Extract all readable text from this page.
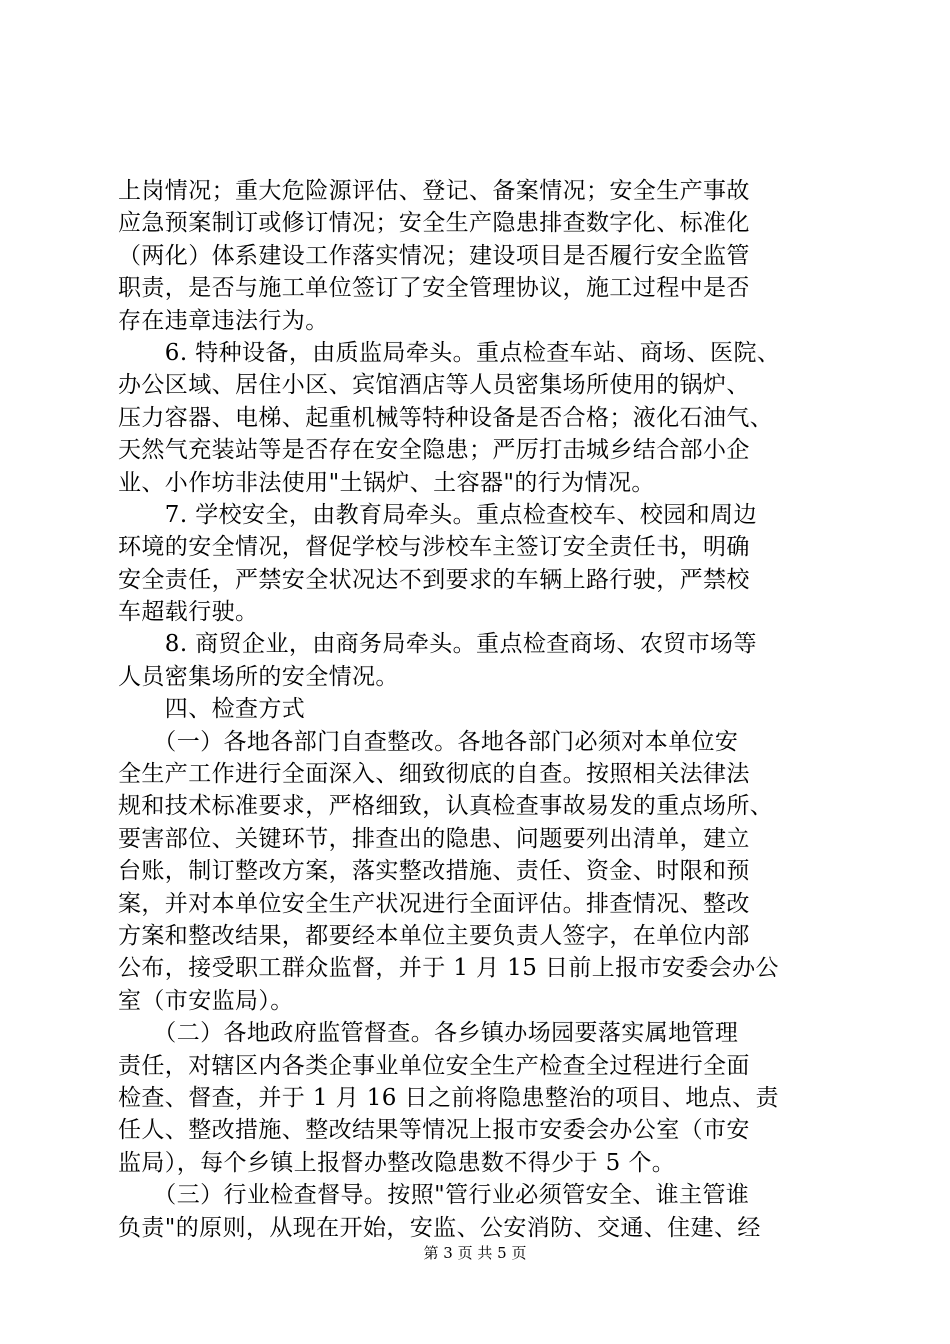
上岗情况；重大危险源评估、登记、备案情况；安全生产事故
应急预案制订或修订情况；安全生产隐患排查数字化、标准化
（两化）体系建设工作落实情况；建设项目是否履行安全监管
职责，是否与施工单位签订了安全管理协议，施工过程中是否
存在违章违法行为。
　　6. 特种设备，由质监局牵头。重点检查车站、商场、医院、
办公区域、居住小区、宾馆酒店等人员密集场所使用的锅炉、
压力容器、电梯、起重机械等特种设备是否合格；液化石油气、
天然气充装站等是否存在安全隐患；严厉打击城乡结合部小企
业、小作坊非法使用"土锅炉、土容器"的行为情况。
　　7. 学校安全，由教育局牵头。重点检查校车、校园和周边
环境的安全情况，督促学校与涉校车主签订安全责任书，明确
安全责任，严禁安全状况达不到要求的车辆上路行驶，严禁校
车超载行驶。
　　8. 商贸企业，由商务局牵头。重点检查商场、农贸市场等
人员密集场所的安全情况。
　　四、检查方式
　　（一）各地各部门自查整改。各地各部门必须对本单位安
全生产工作进行全面深入、细致彻底的自查。按照相关法律法
规和技术标准要求，严格细致，认真检查事故易发的重点场所、
要害部位、关键环节，排查出的隐患、问题要列出清单，建立
台账，制订整改方案，落实整改措施、责任、资金、时限和预
案，并对本单位安全生产状况进行全面评估。排查情况、整改
方案和整改结果，都要经本单位主要负责人签字，在单位内部
公布，接受职工群众监督，并于 1 月 15 日前上报市安委会办公
室（市安监局）。
　　（二）各地政府监管督查。各乡镇办场园要落实属地管理
责任，对辖区内各类企事业单位安全生产检查全过程进行全面
检查、督查，并于 1 月 16 日之前将隐患整治的项目、地点、责
任人、整改措施、整改结果等情况上报市安委会办公室（市安
监局），每个乡镇上报督办整改隐患数不得少于 5 个。
　　（三）行业检查督导。按照"管行业必须管安全、谁主管谁
负责"的原则，从现在开始，安监、公安消防、交通、住建、经
第 3 页 共 5 页
